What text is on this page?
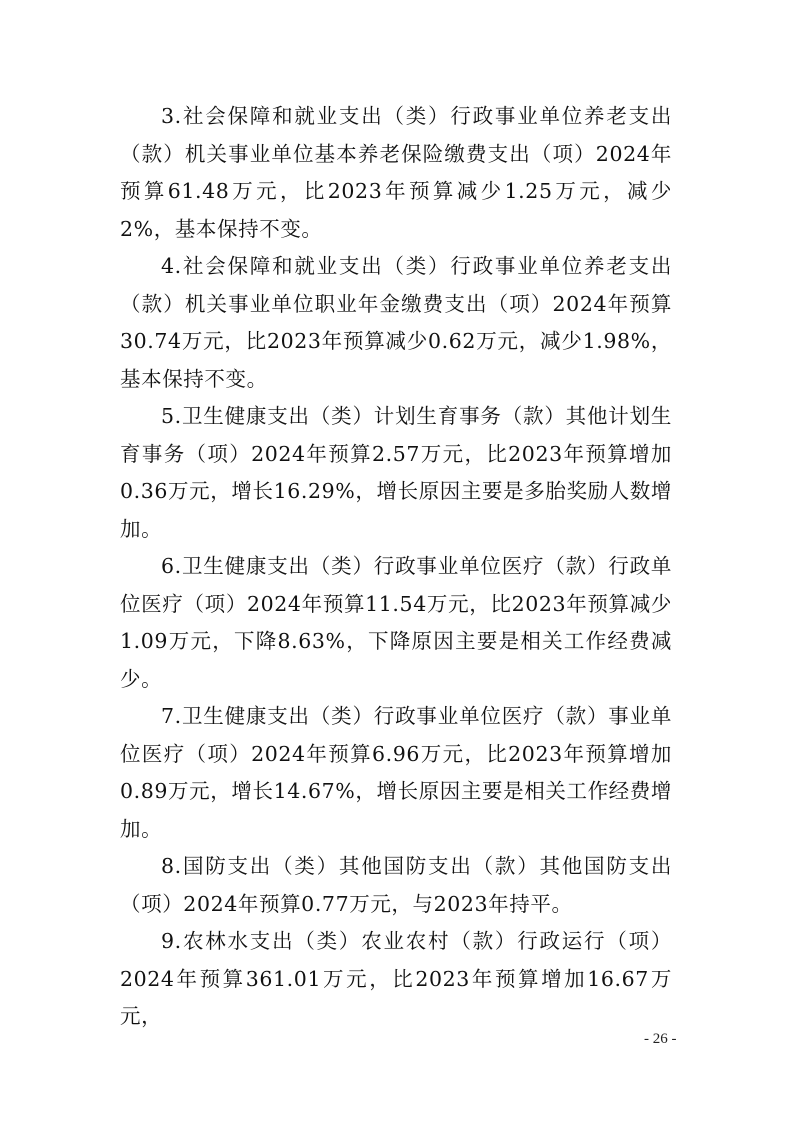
3.社会保障和就业支出（类）行政事业单位养老支出（款）机关事业单位基本养老保险缴费支出（项）2024年预算61.48万元，比2023年预算减少1.25万元，减少2%，基本保持不变。

4.社会保障和就业支出（类）行政事业单位养老支出（款）机关事业单位职业年金缴费支出（项）2024年预算30.74万元，比2023年预算减少0.62万元，减少1.98%，基本保持不变。

5.卫生健康支出（类）计划生育事务（款）其他计划生育事务（项）2024年预算2.57万元，比2023年预算增加0.36万元，增长16.29%，增长原因主要是多胎奖励人数增加。

6.卫生健康支出（类）行政事业单位医疗（款）行政单位医疗（项）2024年预算11.54万元，比2023年预算减少1.09万元，下降8.63%，下降原因主要是相关工作经费减少。

7.卫生健康支出（类）行政事业单位医疗（款）事业单位医疗（项）2024年预算6.96万元，比2023年预算增加0.89万元，增长14.67%，增长原因主要是相关工作经费增加。

8.国防支出（类）其他国防支出（款）其他国防支出（项）2024年预算0.77万元，与2023年持平。

9.农林水支出（类）农业农村（款）行政运行（项）2024年预算361.01万元，比2023年预算增加16.67万元，

- 26 -
